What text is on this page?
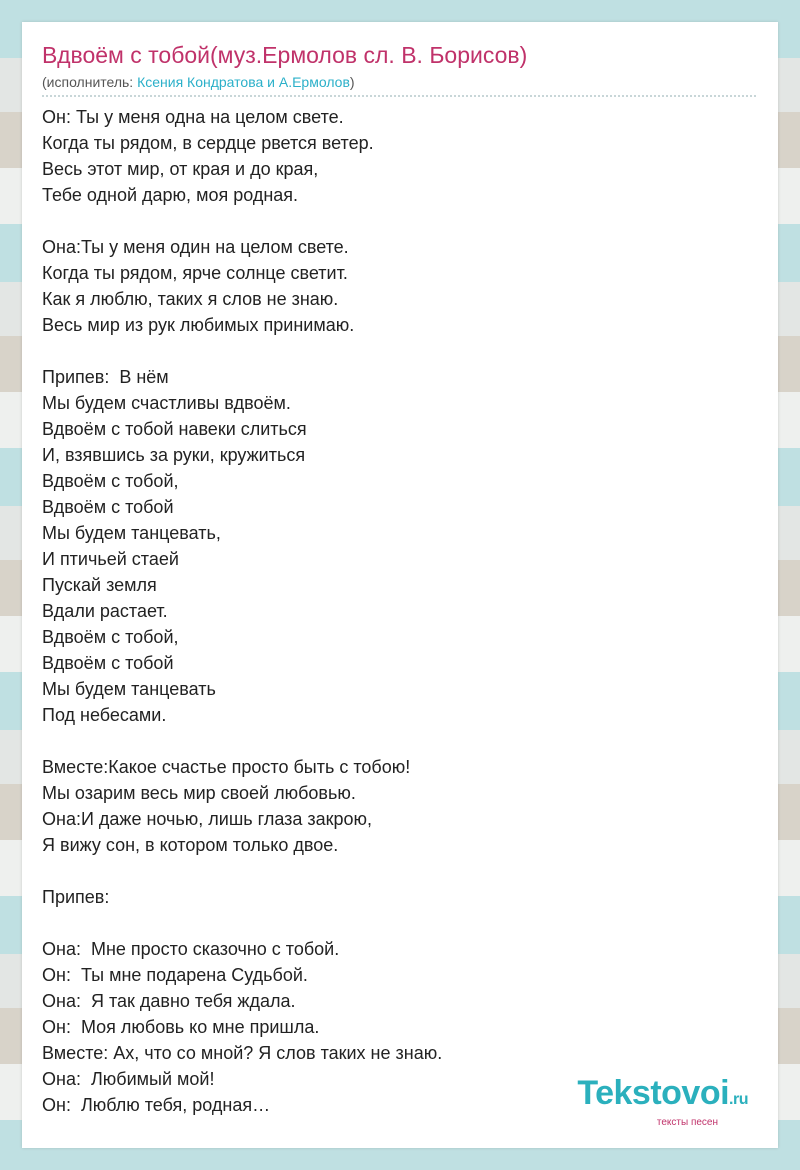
Вдвоём с тобой(муз.Ермолов сл. В. Борисов)
(исполнитель: Ксения Кондратова и А.Ермолов)
Он: Ты у меня одна на целом свете.
Когда ты рядом, в сердце рвется ветер.
Весь этот мир, от края и до края,
Тебе одной дарю, моя родная.

Она:Ты у меня один на целом свете.
Когда ты рядом, ярче солнце светит.
Как я люблю, таких я слов не знаю.
Весь мир из рук любимых принимаю.

Припев:  В нём
Мы будем счастливы вдвоём.
Вдвоём с тобой навеки слиться
И, взявшись за руки, кружиться
Вдвоём с тобой,
Вдвоём с тобой
Мы будем танцевать,
И птичьей стаей
Пускай земля
Вдали растает.
Вдвоём с тобой,
Вдвоём с тобой
Мы будем танцевать
Под небесами.

Вместе:Какое счастье просто быть с тобою!
Мы озарим весь мир своей любовью.
Она:И даже ночью, лишь глаза закрою,
Я вижу сон, в котором только двое.

Припев:

Она:  Мне просто сказочно с тобой.
Он:  Ты мне подарена Судьбой.
Она:  Я так давно тебя ждала.
Он:  Моя любовь ко мне пришла.
Вместе: Ах, что со мной? Я слов таких не знаю.
Она:  Любимый мой!
Он:  Люблю тебя, родная…	Tekstovoi.ru
тексты песен
